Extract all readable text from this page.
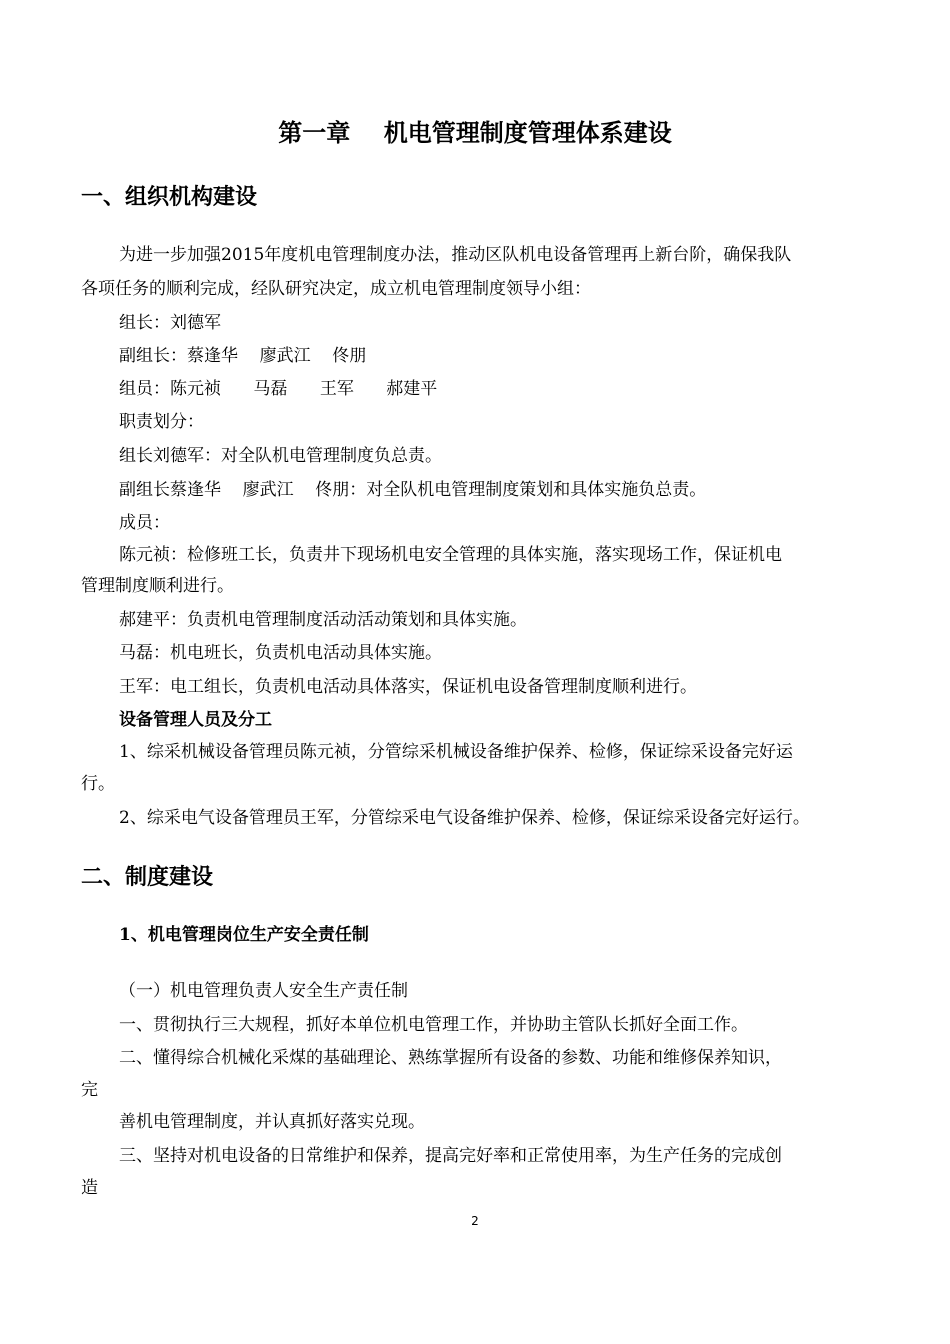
第一章    机电管理制度管理体系建设
一、组织机构建设
为进一步加强2015年度机电管理制度办法，推动区队机电设备管理再上新台阶，确保我队
各项任务的顺利完成，经队研究决定，成立机电管理制度领导小组：
组长：刘德军
副组长：蔡逢华    廖武江    佟朋
组员：陈元祯      马磊      王军      郝建平
职责划分：
组长刘德军：对全队机电管理制度负总责。
副组长蔡逢华    廖武江    佟朋：对全队机电管理制度策划和具体实施负总责。
成员：
陈元祯：检修班工长，负责井下现场机电安全管理的具体实施，落实现场工作，保证机电
管理制度顺利进行。
郝建平：负责机电管理制度活动活动策划和具体实施。
马磊：机电班长，负责机电活动具体实施。
王军：电工组长，负责机电活动具体落实，保证机电设备管理制度顺利进行。
设备管理人员及分工
1、综采机械设备管理员陈元祯，分管综采机械设备维护保养、检修，保证综采设备完好运
行。
2、综采电气设备管理员王军，分管综采电气设备维护保养、检修，保证综采设备完好运行。
二、制度建设
1、机电管理岗位生产安全责任制
（一）机电管理负责人安全生产责任制
一、贯彻执行三大规程，抓好本单位机电管理工作，并协助主管队长抓好全面工作。
二、懂得综合机械化采煤的基础理论、熟练掌握所有设备的参数、功能和维修保养知识，
完
善机电管理制度，并认真抓好落实兑现。
三、坚持对机电设备的日常维护和保养，提高完好率和正常使用率，为生产任务的完成创
造
2
